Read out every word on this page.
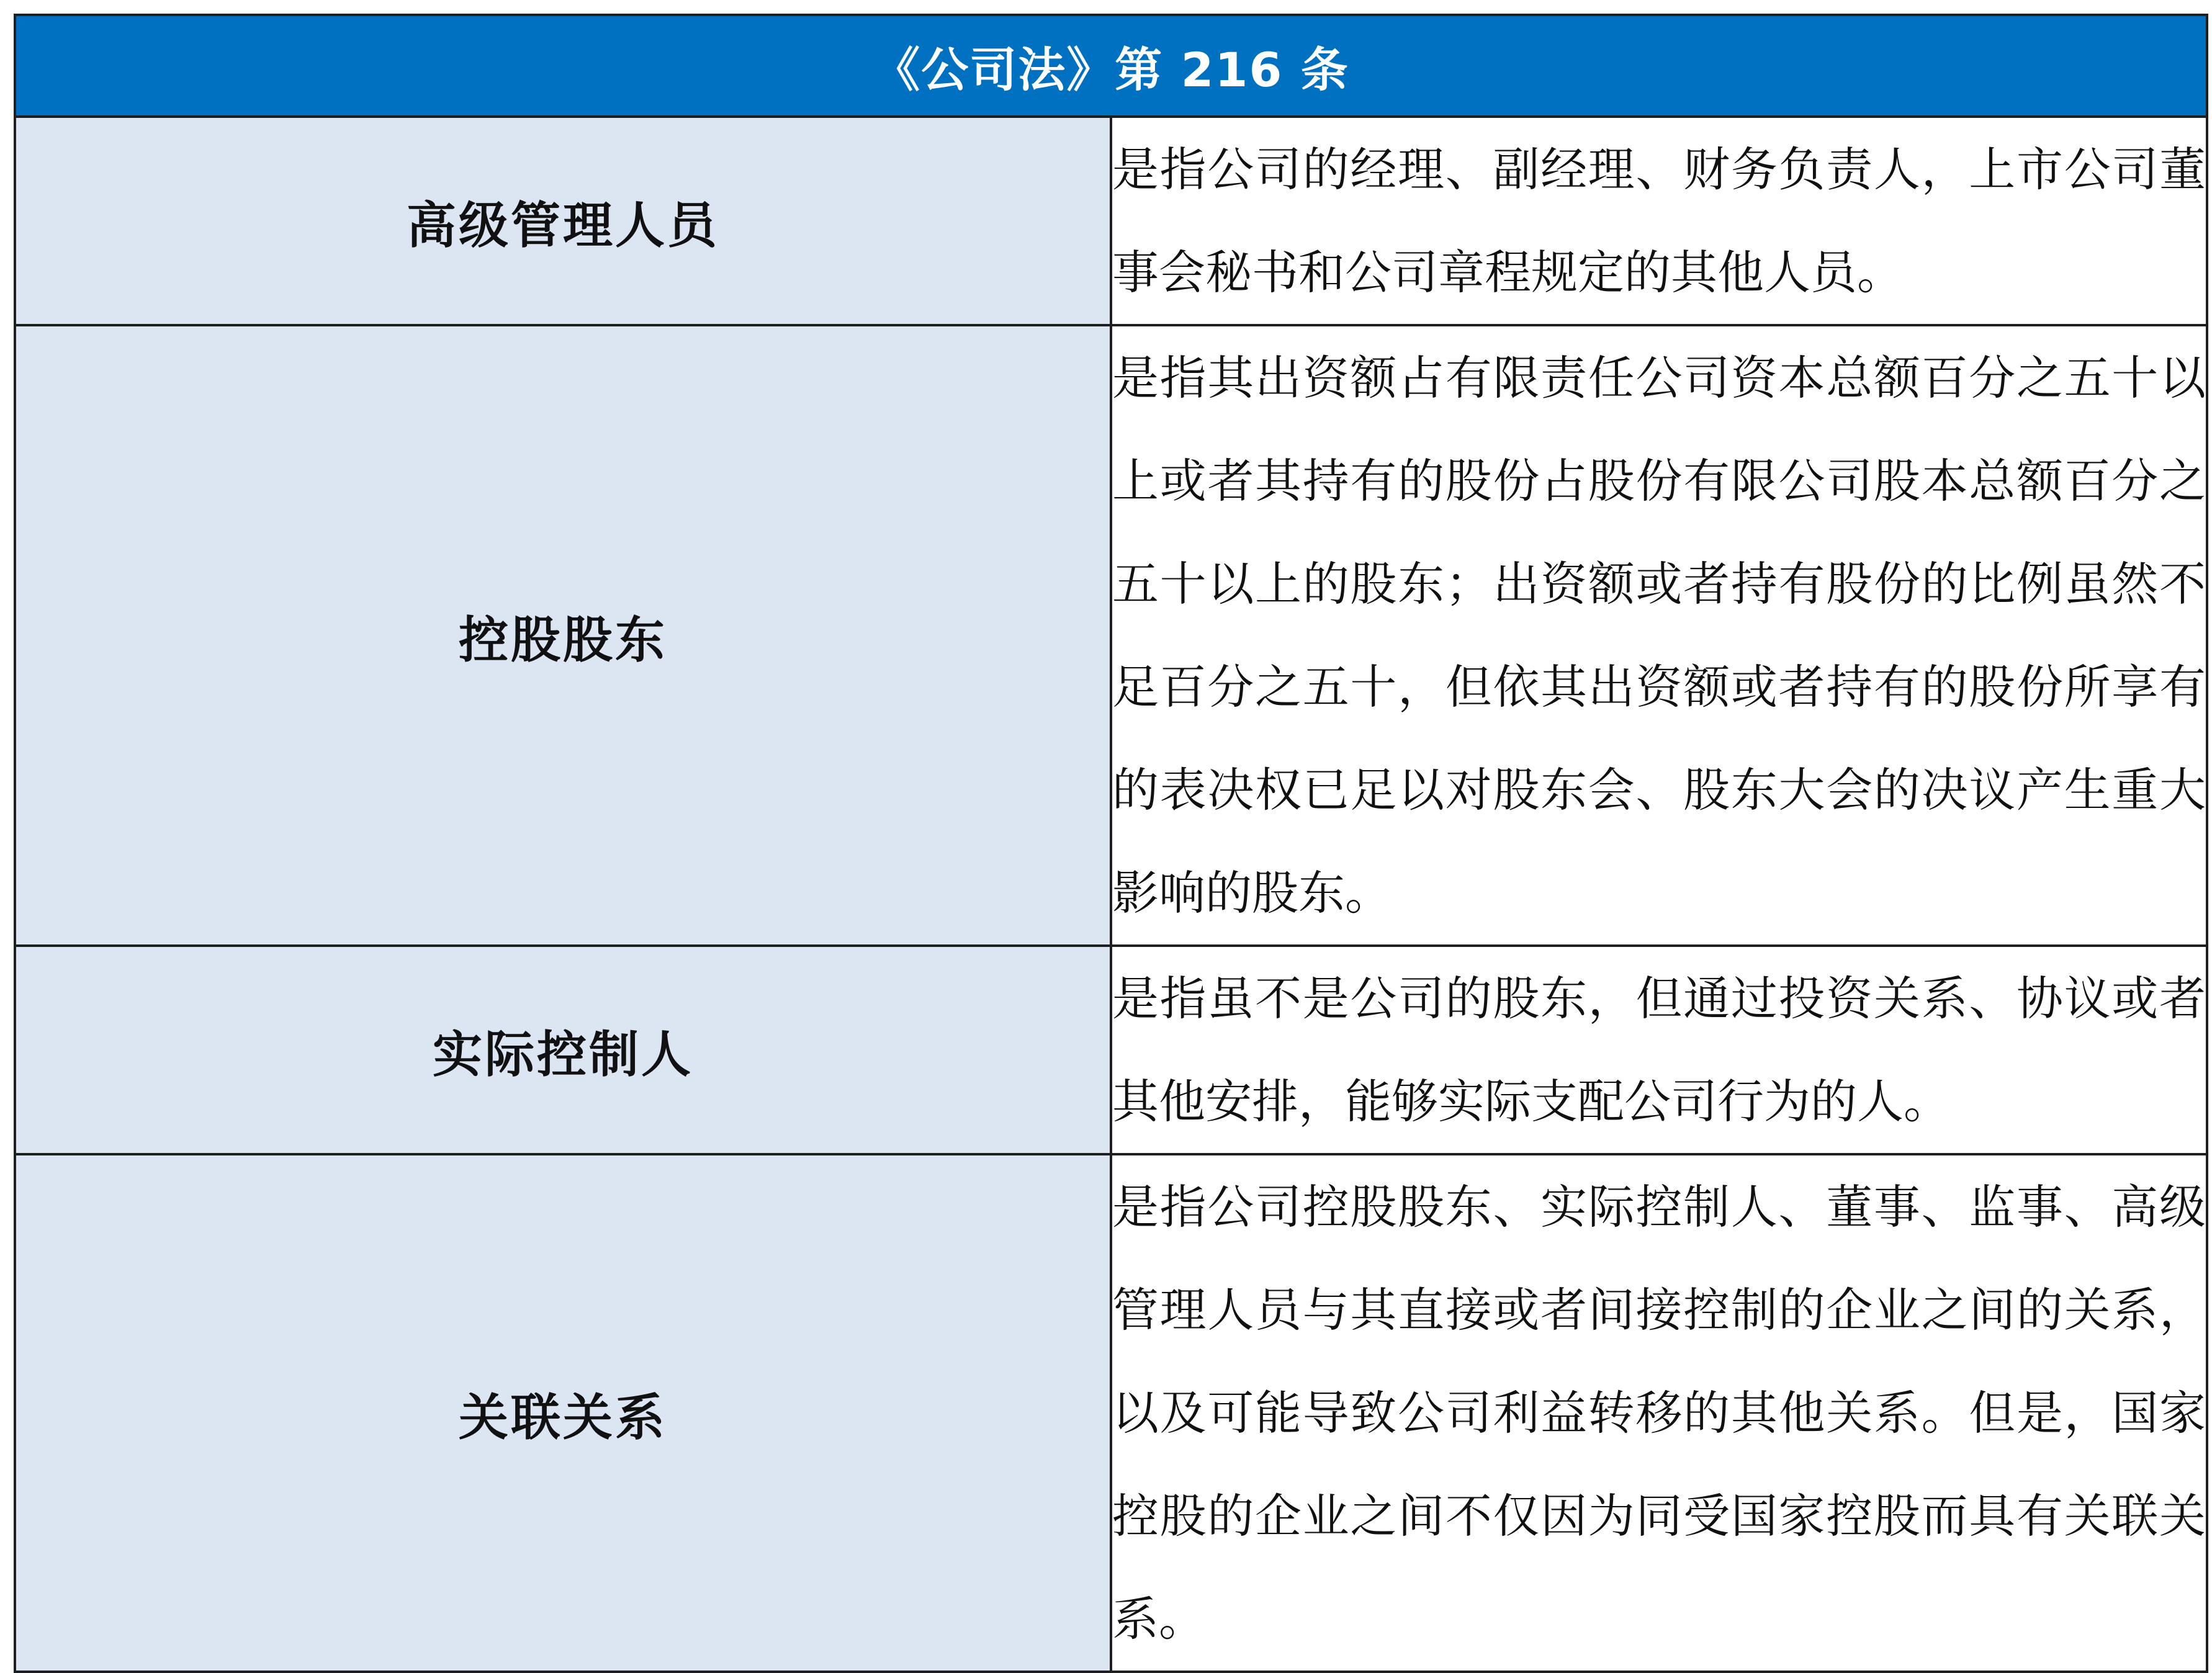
《公司法》第 216 条	
高级管理人员	是指公司的经理、副经理、财务负责人，上市公司董事会秘书和公司章程规定的其他人员。
控股股东	是指其出资额占有限责任公司资本总额百分之五十以上或者其持有的股份占股份有限公司股本总额百分之五十以上的股东；出资额或者持有股份的比例虽然不足百分之五十，但依其出资额或者持有的股份所享有的表决权已足以对股东会、股东大会的决议产生重大影响的股东。
实际控制人	是指虽不是公司的股东，但通过投资关系、协议或者其他安排，能够实际支配公司行为的人。
关联关系	是指公司控股股东、实际控制人、董事、监事、高级管理人员与其直接或者间接控制的企业之间的关系，以及可能导致公司利益转移的其他关系。但是，国家控股的企业之间不仅因为同受国家控股而具有关联关系。
